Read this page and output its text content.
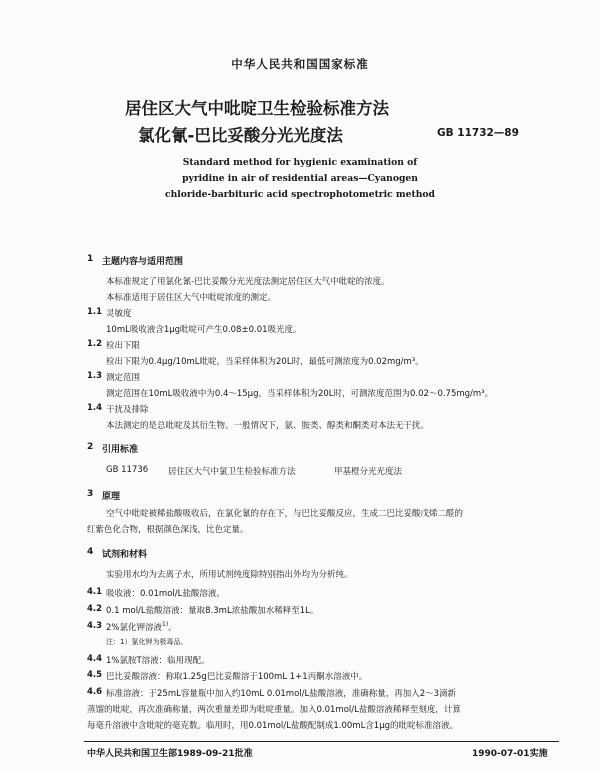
中华人民共和国国家标准
居住区大气中吡啶卫生检验标准方法
氯化氰-巴比妥酸分光光度法	GB 11732—89
Standard method for hygienic examination of
pyridine in air of residential areas—Cyanogen
chloride-barbituric acid spectrophotometric method
1 主题内容与适用范围
本标准规定了用氯化氰-巴比妥酸分光光度法测定居住区大气中吡啶的浓度。
本标准适用于居住区大气中吡啶浓度的测定。
1.1 灵敏度
10mL吸收液含1μg吡啶可产生0.08±0.01吸光度。
1.2 检出下限
检出下限为0.4μg/10mL吡啶，当采样体积为20L时，最低可测浓度为0.02mg/m³。
1.3 测定范围
测定范围在10mL吸收液中为0.4～15μg，当采样体积为20L时，可测浓度范围为0.02～0.75mg/m³。
1.4 干扰及排除
本法测定的是总吡啶及其衍生物。一般情况下，氨、胺类、醇类和酮类对本法无干扰。
2 引用标准
GB 11736 居住区大气中氯卫生检验标准方法	甲基橙分光光度法
3 原理
空气中吡啶被稀盐酸吸收后，在氯化氰的存在下，与巴比妥酸反应，生成二巴比妥酸戊烯二醛的
红紫色化合物，根据颜色深浅，比色定量。
4 试剂和材料
实验用水均为去离子水，所用试剂纯度除特别指出外均为分析纯。
4.1 吸收液：0.01mol/L盐酸溶液。
4.2 0.1 mol/L盐酸溶液：量取8.3mL浓盐酸加水稀释至1L。
4.3 2%氯化钾溶液$^{1)}$。
注：1）氯化钾为极毒品。
4.4 1%氯胺T溶液：临用现配。
4.5 巴比妥酸溶液：称取1.25g巴比妥酸溶于100mL 1+1丙酮水溶液中。
4.6 标准溶液：于25mL容量瓶中加入约10mL 0.01mol/L盐酸溶液，准确称量，再加入2～3滴新
蒸馏的吡啶，再次准确称量，两次重量差即为吡啶重量。加入0.01mol/L盐酸溶液稀释至刻度，计算
每毫升溶液中含吡啶的毫克数。临用时，用0.01mol/L盐酸配制成1.00mL含1μg的吡啶标准溶液。
中华人民共和国卫生部1989-09-21批准	1990-07-01实施
